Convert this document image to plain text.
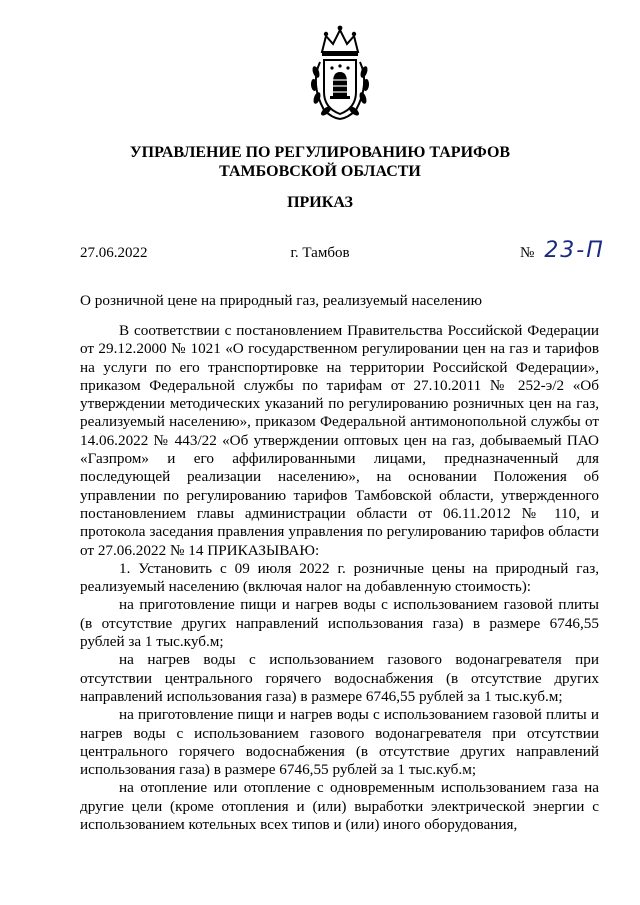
УПРАВЛЕНИЕ ПО РЕГУЛИРОВАНИЮ ТАРИФОВ
ТАМБОВСКОЙ ОБЛАСТИ
ПРИКАЗ
27.06.2022	г. Тамбов	№ 23-П
О розничной цене на природный газ, реализуемый населению

В соответствии с постановлением Правительства Российской Федерации от 29.12.2000 № 1021 «О государственном регулировании цен на газ и тарифов на услуги по его транспортировке на территории Российской Федерации», приказом Федеральной службы по тарифам от 27.10.2011 № 252-э/2 «Об утверждении методических указаний по регулированию розничных цен на газ, реализуемый населению», приказом Федеральной антимонопольной службы от 14.06.2022 № 443/22 «Об утверждении оптовых цен на газ, добываемый ПАО «Газпром» и его аффилированными лицами, предназначенный для последующей реализации населению», на основании Положения об управлении по регулированию тарифов Тамбовской области, утвержденного постановлением главы администрации области от 06.11.2012 № 110, и протокола заседания правления управления по регулированию тарифов области от 27.06.2022 № 14 ПРИКАЗЫВАЮ:

1. Установить с 09 июля 2022 г. розничные цены на природный газ, реализуемый населению (включая налог на добавленную стоимость):

на приготовление пищи и нагрев воды с использованием газовой плиты (в отсутствие других направлений использования газа) в размере 6746,55 рублей за 1 тыс.куб.м;

на нагрев воды с использованием газового водонагревателя при отсутствии центрального горячего водоснабжения (в отсутствие других направлений использования газа) в размере 6746,55 рублей за 1 тыс.куб.м;

на приготовление пищи и нагрев воды с использованием газовой плиты и нагрев воды с использованием газового водонагревателя при отсутствии центрального горячего водоснабжения (в отсутствие других направлений использования газа) в размере 6746,55 рублей за 1 тыс.куб.м;

на отопление или отопление с одновременным использованием газа на другие цели (кроме отопления и (или) выработки электрической энергии с использованием котельных всех типов и (или) иного оборудования,
